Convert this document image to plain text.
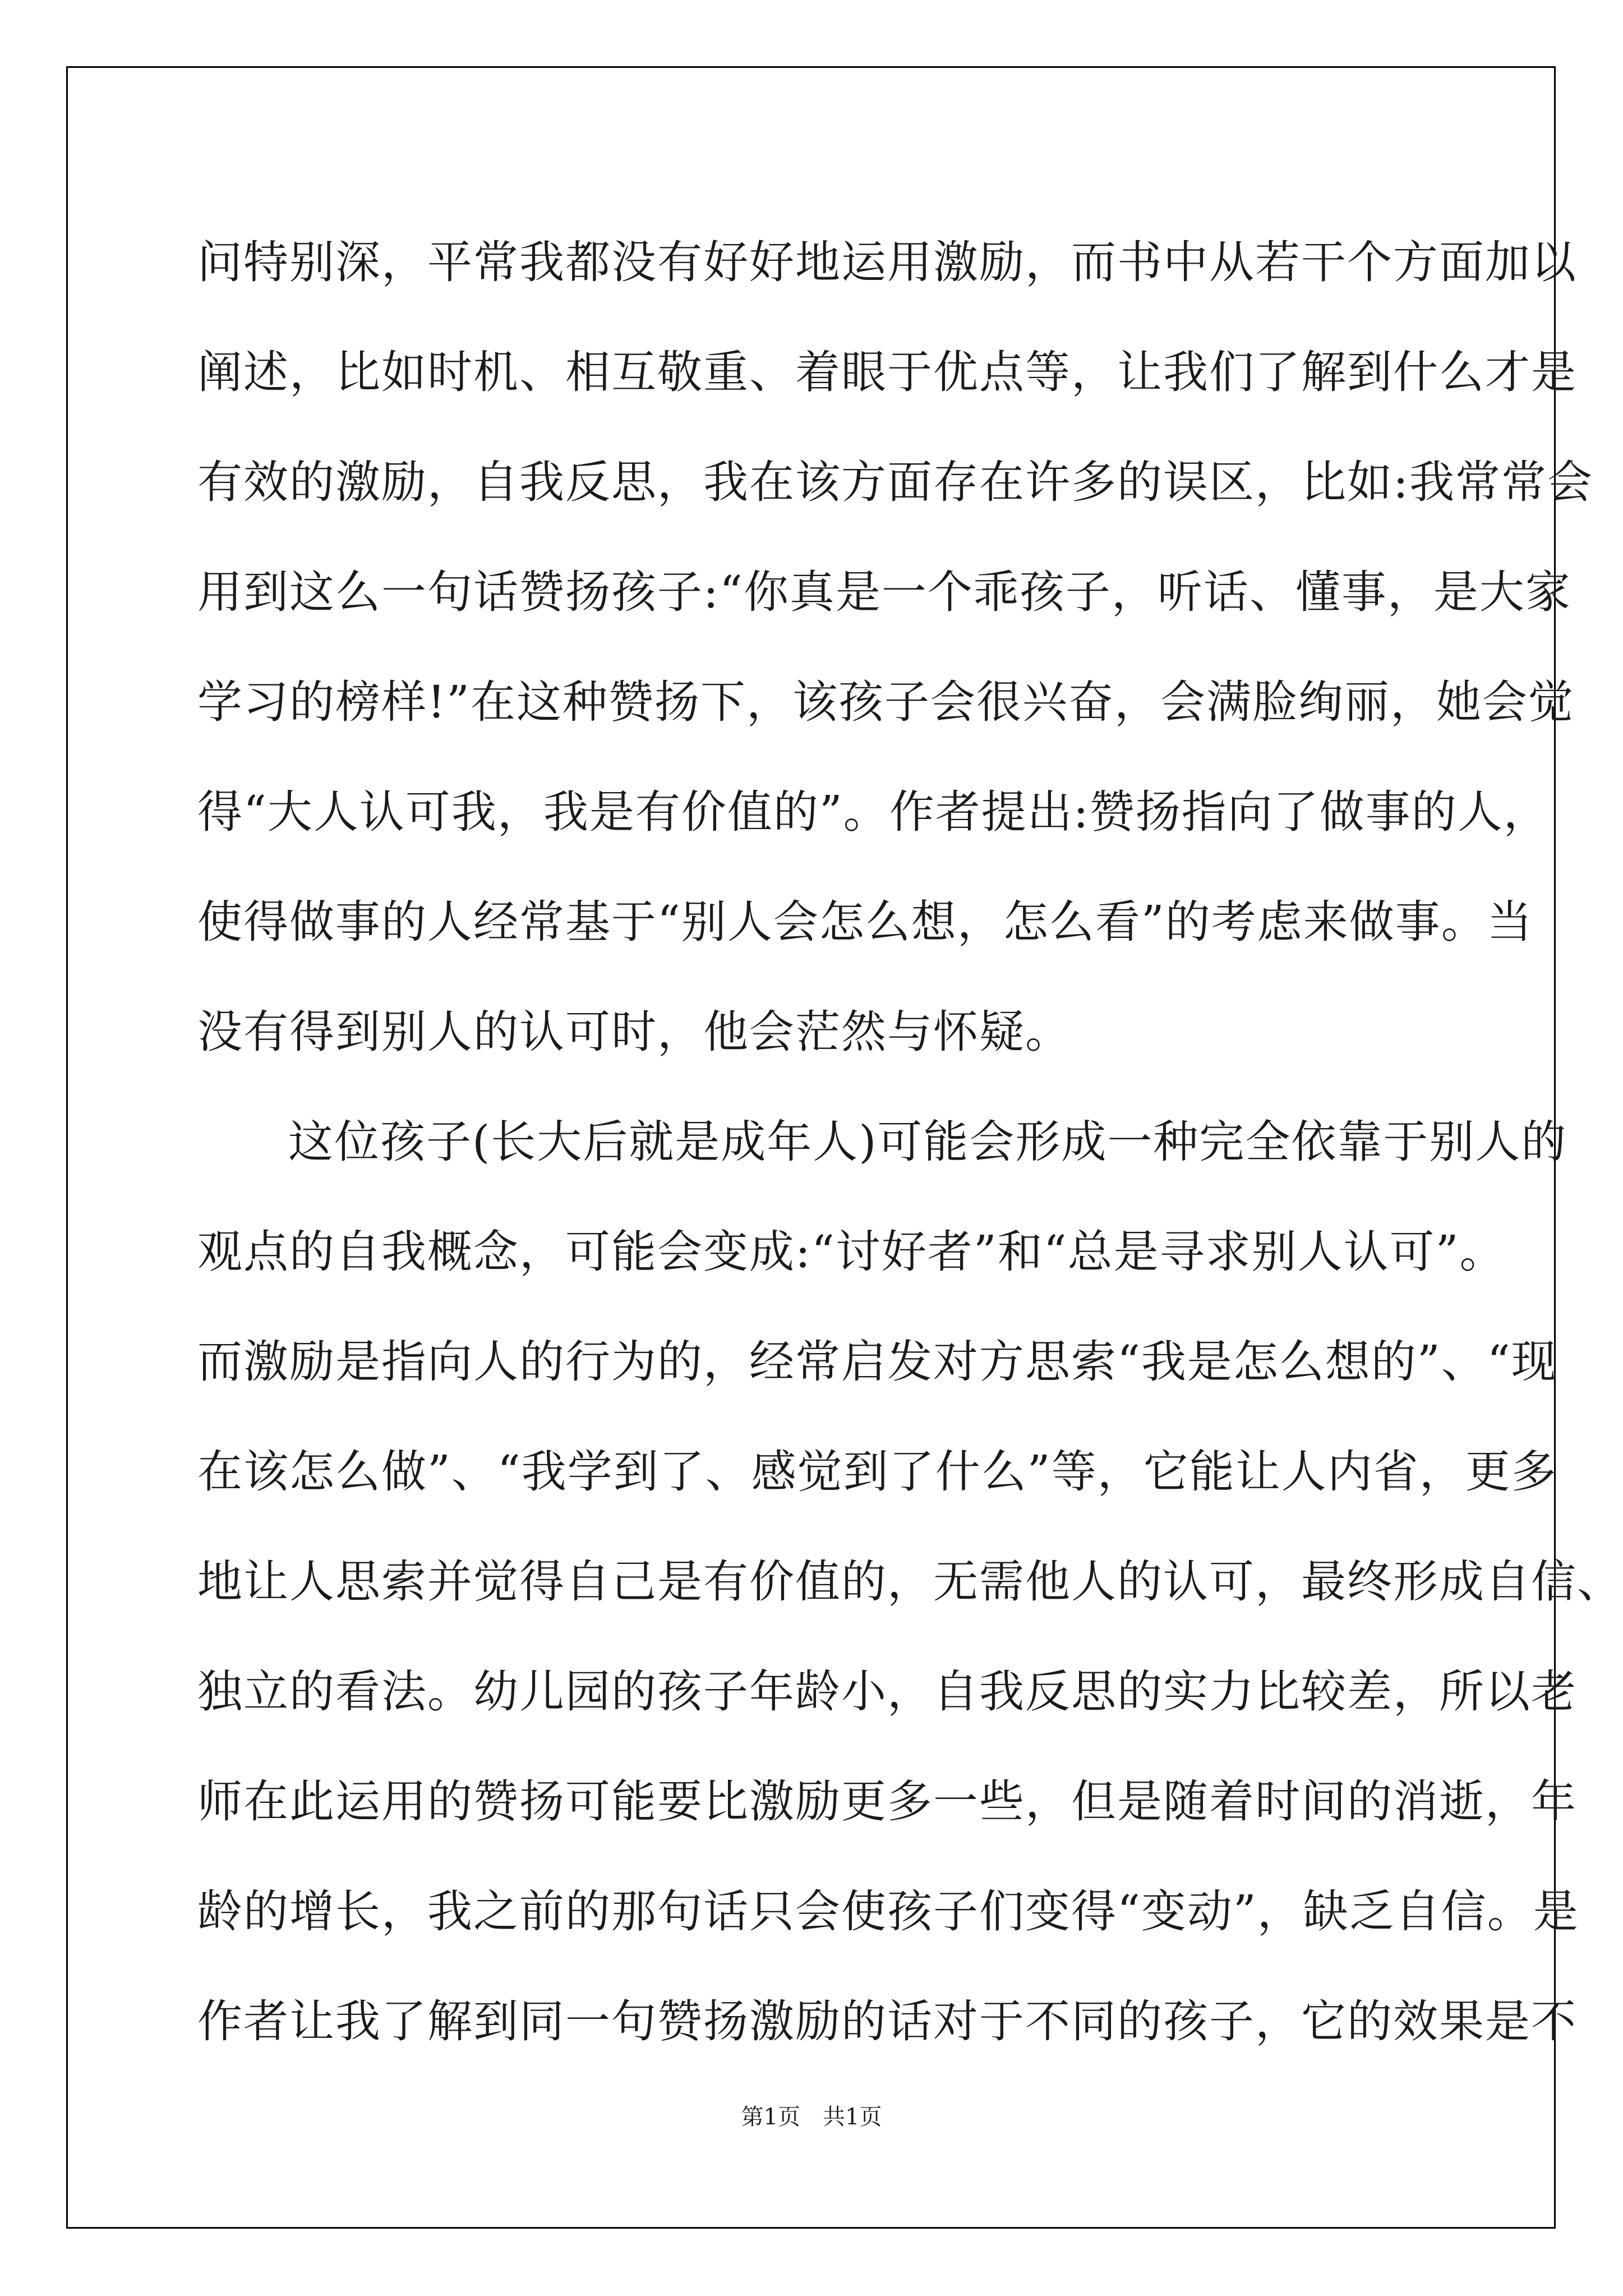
问特别深，平常我都没有好好地运用激励，而书中从若干个方面加以
阐述，比如时机、相互敬重、着眼于优点等，让我们了解到什么才是
有效的激励，自我反思，我在该方面存在许多的误区，比如:我常常会
用到这么一句话赞扬孩子:“你真是一个乖孩子，听话、懂事，是大家
学习的榜样!”在这种赞扬下，该孩子会很兴奋，会满脸绚丽，她会觉
得“大人认可我，我是有价值的”。作者提出:赞扬指向了做事的人，
使得做事的人经常基于“别人会怎么想，怎么看”的考虑来做事。当
没有得到别人的认可时，他会茫然与怀疑。
这位孩子(长大后就是成年人)可能会形成一种完全依靠于别人的
观点的自我概念，可能会变成:“讨好者”和“总是寻求别人认可”。
而激励是指向人的行为的，经常启发对方思索“我是怎么想的”、“现
在该怎么做”、“我学到了、感觉到了什么”等，它能让人内省，更多
地让人思索并觉得自己是有价值的，无需他人的认可，最终形成自信、
独立的看法。幼儿园的孩子年龄小，自我反思的实力比较差，所以老
师在此运用的赞扬可能要比激励更多一些，但是随着时间的消逝，年
龄的增长，我之前的那句话只会使孩子们变得“变动”，缺乏自信。是
作者让我了解到同一句赞扬激励的话对于不同的孩子，它的效果是不
第1页　共1页
